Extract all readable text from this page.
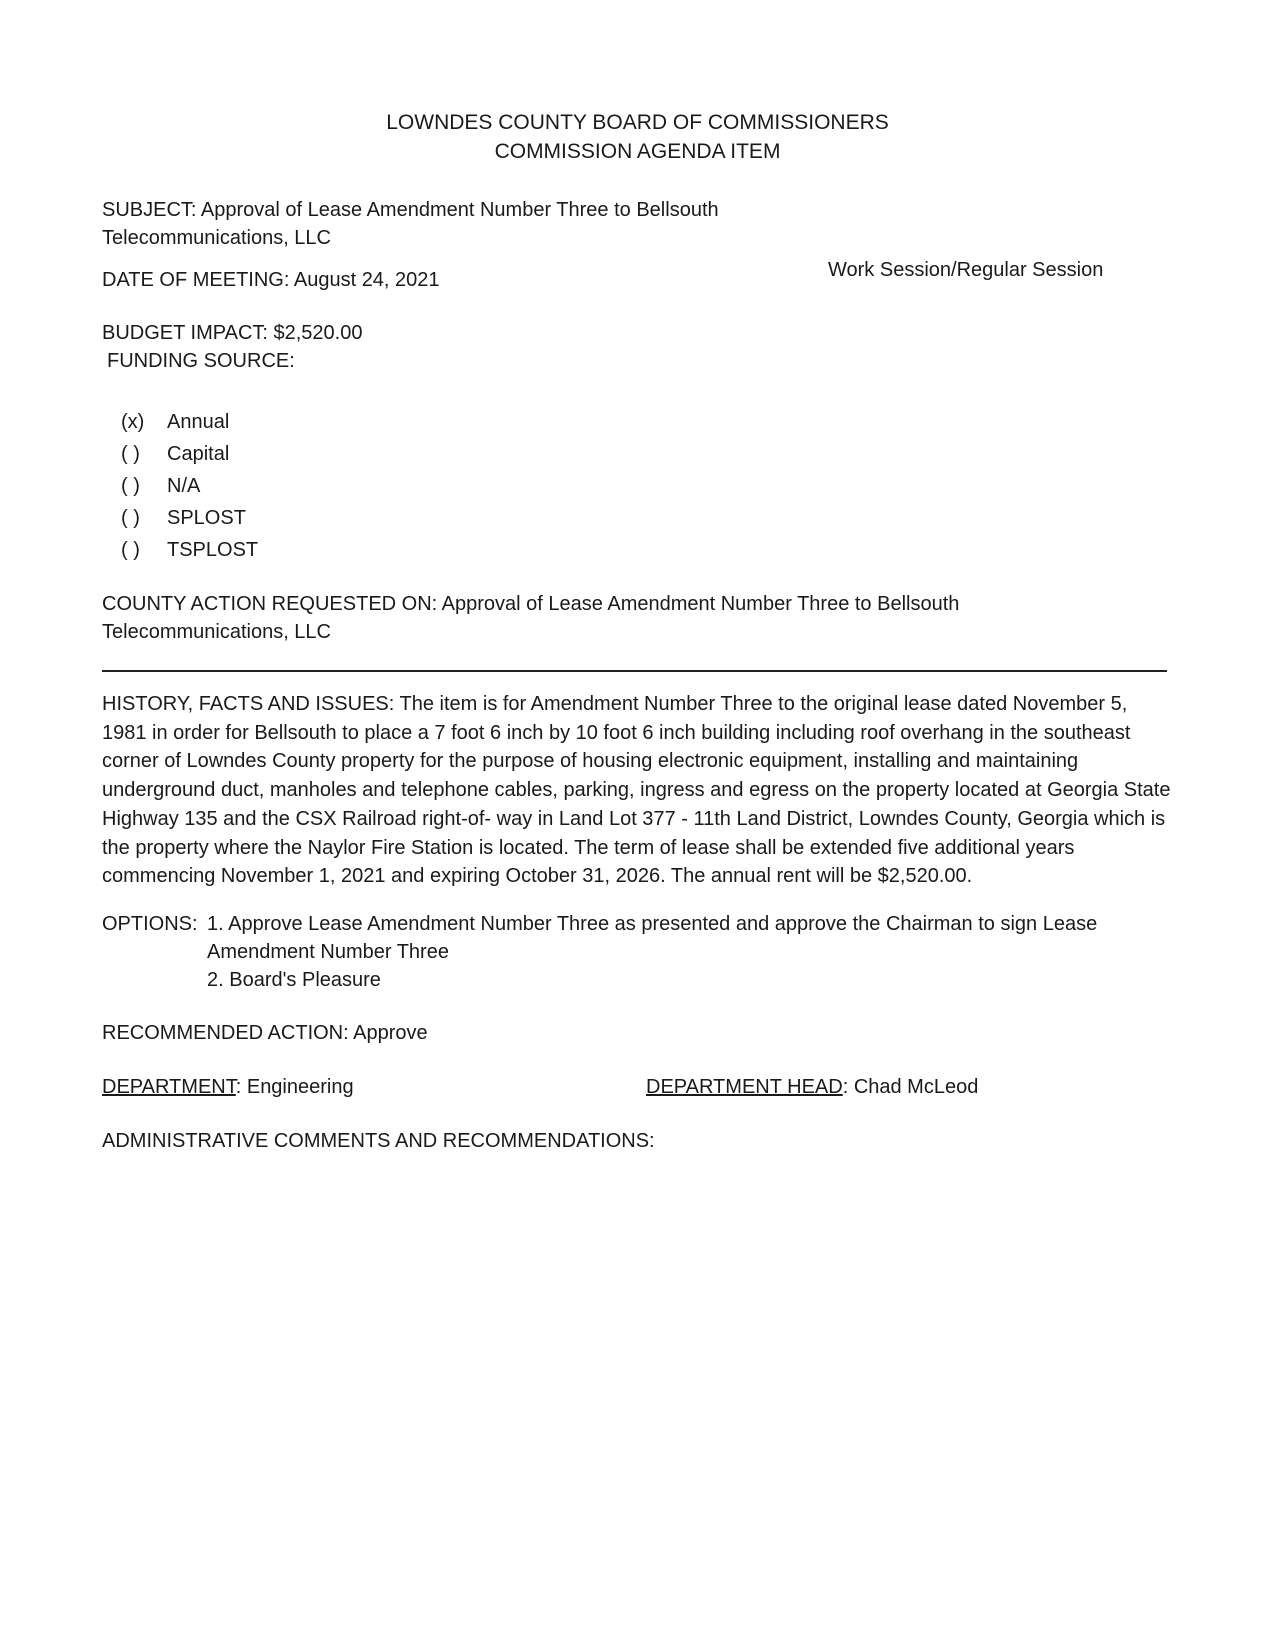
LOWNDES COUNTY BOARD OF COMMISSIONERS
COMMISSION AGENDA ITEM
SUBJECT: Approval of Lease Amendment Number Three to Bellsouth
Telecommunications, LLC
DATE OF MEETING: August 24, 2021	Work Session/Regular Session
BUDGET IMPACT: $2,520.00
FUNDING SOURCE:
(x) Annual
( ) Capital
( ) N/A
( ) SPLOST
( ) TSPLOST
COUNTY ACTION REQUESTED ON: Approval of Lease Amendment Number Three to Bellsouth
Telecommunications, LLC
HISTORY, FACTS AND ISSUES: The item is for Amendment Number Three to the original lease dated November 5, 1981 in order for Bellsouth to place a 7 foot 6 inch by 10 foot 6 inch building including roof overhang in the southeast corner of Lowndes County property for the purpose of housing electronic equipment, installing and maintaining underground duct, manholes and telephone cables, parking, ingress and egress on the property located at Georgia State Highway 135 and the CSX Railroad right-of- way in Land Lot 377 - 11th Land District, Lowndes County, Georgia which is the property where the Naylor Fire Station is located. The term of lease shall be extended five additional years commencing November 1, 2021 and expiring October 31, 2026. The annual rent will be $2,520.00.
OPTIONS: 1. Approve Lease Amendment Number Three as presented and approve the Chairman to sign Lease
Amendment Number Three
2. Board's Pleasure
RECOMMENDED ACTION: Approve
DEPARTMENT: Engineering	DEPARTMENT HEAD: Chad McLeod
ADMINISTRATIVE COMMENTS AND RECOMMENDATIONS:
